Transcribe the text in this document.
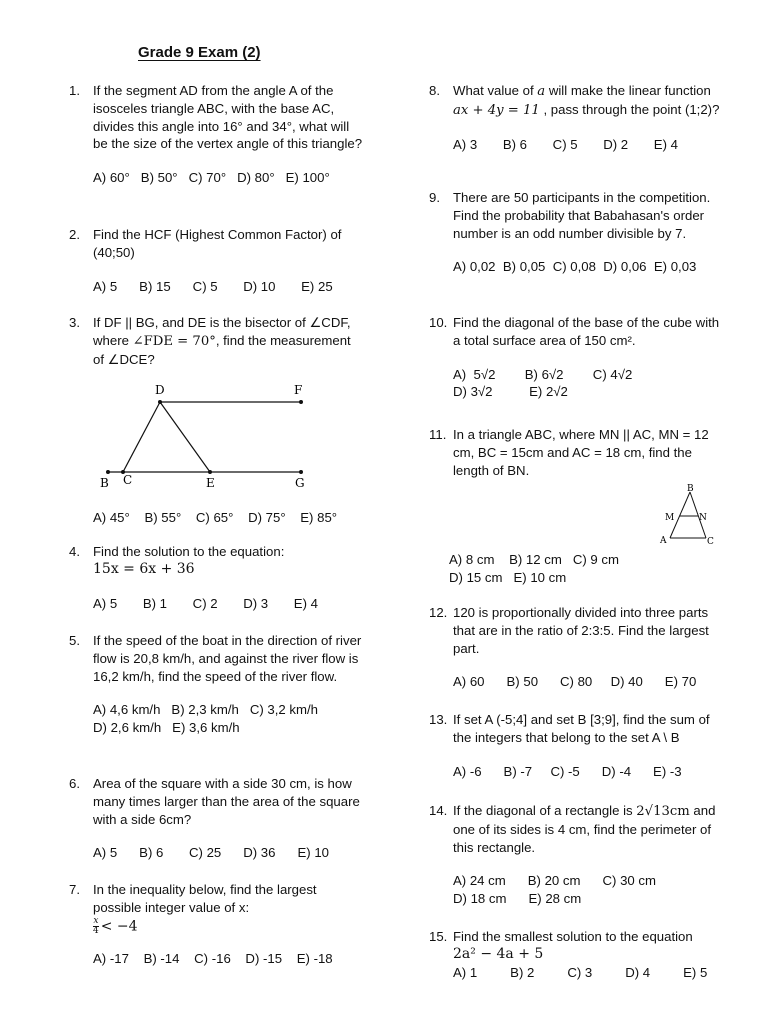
Grade 9 Exam (2)
1. If the segment AD from the angle A of the isosceles triangle ABC, with the base AC, divides this angle into 16° and 34°, what will be the size of the vertex angle of this triangle?
A) 60°   B) 50°   C) 70°   D) 80°   E) 100°
2. Find the HCF (Highest Common Factor) of (40;50)
A) 5      B) 15      C) 5       D) 10       E) 25
3. If DF || BG, and DE is the bisector of ∠CDF, where ∠FDE = 70°, find the measurement of ∠DCE?
D	F
B C	E	G
A) 45°    B) 55°    C) 65°    D) 75°    E) 85°
4. Find the solution to the equation:
15x = 6x + 36
A) 5       B) 1       C) 2       D) 3       E) 4
5. If the speed of the boat in the direction of river flow is 20,8 km/h, and against the river flow is 16,2 km/h, find the speed of the river flow.
A) 4,6 km/h   B) 2,3 km/h   C) 3,2 km/h
D) 2,6 km/h   E) 3,6 km/h
6. Area of the square with a side 30 cm, is how many times larger than the area of the square with a side 6cm?
A) 5      B) 6       C) 25      D) 36      E) 10
7. In the inequality below, find the largest possible integer value of x:
$\frac{x}{4} < -4$
A) -17    B) -14    C) -16    D) -15    E) -18
8. What value of a will make the linear function ax + 4y = 11 , pass through the point (1;2)?
A) 3       B) 6       C) 5       D) 2       E) 4
9. There are 50 participants in the competition. Find the probability that Babahasan's order number is an odd number divisible by 7.
A) 0,02  B) 0,05  C) 0,08  D) 0,06  E) 0,03
10. Find the diagonal of the base of the cube with a total surface area of 150 cm².
A)  5√2        B) 6√2        C) 4√2
D) 3√2          E) 2√2
11. In a triangle ABC, where MN || AC, MN = 12 cm, BC = 15cm and AC = 18 cm, find the length of BN.
B
M	N
A	C
A) 8 cm    B) 12 cm   C) 9 cm
D) 15 cm   E) 10 cm
12. 120 is proportionally divided into three parts that are in the ratio of 2:3:5. Find the largest part.
A) 60      B) 50      C) 80     D) 40      E) 70
13. If set A (-5;4] and set B [3;9], find the sum of the integers that belong to the set A \ B
A) -6      B) -7     C) -5      D) -4      E) -3
14. If the diagonal of a rectangle is 2√13cm and one of its sides is 4 cm, find the perimeter of this rectangle.
A) 24 cm      B) 20 cm      C) 30 cm
D) 18 cm      E) 28 cm
15. Find the smallest solution to the equation
2a² − 4a + 5
A) 1         B) 2         C) 3         D) 4         E) 5
